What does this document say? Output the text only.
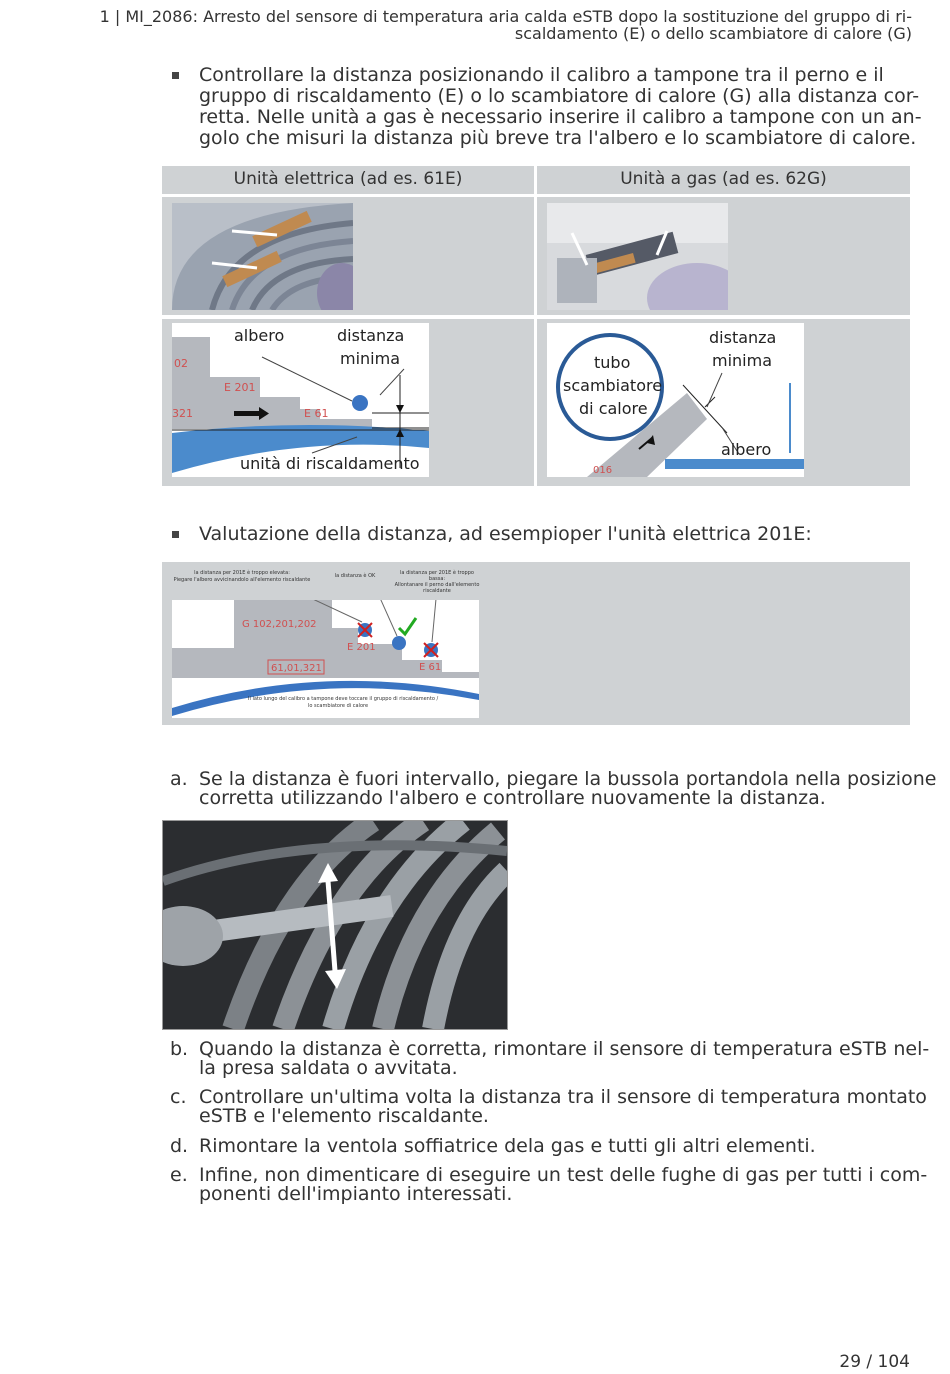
1 | MI_2086: Arresto del sensore di temperatura aria calda eSTB dopo la sostituzione del gruppo di ri-
scaldamento (E) o dello scambiatore di calore (G)
Controllare la distanza posizionando il calibro a tampone tra il perno e il
gruppo di riscaldamento (E) o lo scambiatore di calore (G) alla distanza cor-
retta. Nelle unità a gas è necessario inserire il calibro a tampone con un an-
golo che misuri la distanza più breve tra l'albero e lo scambiatore di calore.
Unità elettrica (ad es. 61E)	Unità a gas (ad es. 62G)
02
E 201
E 61
321
albero	distanza
minima
unità di riscaldamento	016
tubo
scambiatore
di calore
distanza
minima
albero
Valutazione della distanza, ad esempioper l'unità elettrica 201E:
G 102,201,202
E 201
E 61
61,01,321
Il lato lungo del calibro a tampone deve toccare il gruppo di riscaldamento /
lo scambiatore di calore
la distanza per 201E è troppo elevata:
Piegare l'albero avvicinandolo all'elemento riscaldante
la distanza è OK	la distanza per 201E è troppo
bassa:
Allontanare il perno dall'elemento
riscaldante
a. Se la distanza è fuori intervallo, piegare la bussola portandola nella posizione
corretta utilizzando l'albero e controllare nuovamente la distanza.
b. Quando la distanza è corretta, rimontare il sensore di temperatura eSTB nel-
la presa saldata o avvitata.
c. Controllare un'ultima volta la distanza tra il sensore di temperatura montato
eSTB e l'elemento riscaldante.
d. Rimontare la ventola soffiatrice dela gas e tutti gli altri elementi.
e. Infine, non dimenticare di eseguire un test delle fughe di gas per tutti i com-
ponenti dell'impianto interessati.
29 / 104
